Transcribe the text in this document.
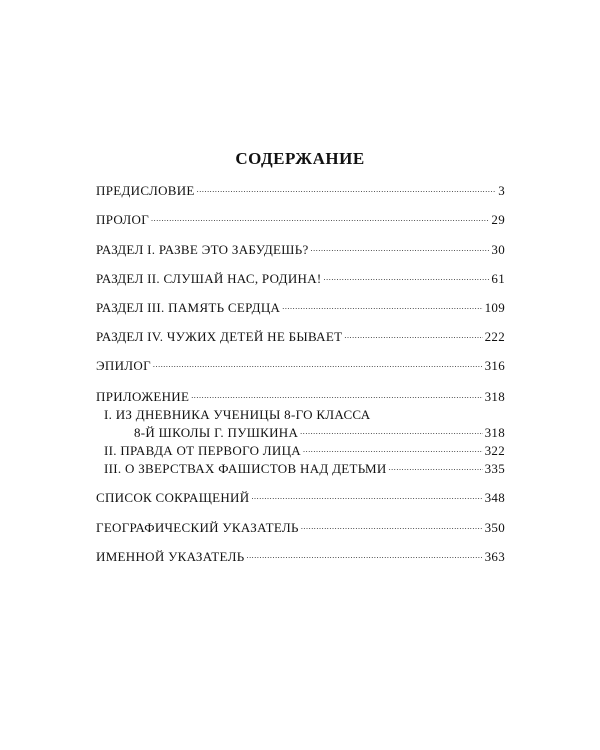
СОДЕРЖАНИЕ
ПРЕДИСЛОВИЕ .....	3
ПРОЛОГ .....	29
РАЗДЕЛ I. РАЗВЕ ЭТО ЗАБУДЕШЬ? .....	30
РАЗДЕЛ II. СЛУШАЙ НАС, РОДИНА! .....	61
РАЗДЕЛ III. ПАМЯТЬ СЕРДЦА .....	109
РАЗДЕЛ IV. ЧУЖИХ ДЕТЕЙ НЕ БЫВАЕТ .....	222
ЭПИЛОГ .....	316
ПРИЛОЖЕНИЕ .....	318
I. ИЗ ДНЕВНИКА УЧЕНИЦЫ 8-ГО КЛАССА
8-Й ШКОЛЫ Г. ПУШКИНА .....	318
II. ПРАВДА ОТ ПЕРВОГО ЛИЦА .....	322
III. О ЗВЕРСТВАХ ФАШИСТОВ НАД ДЕТЬМИ .....	335
СПИСОК СОКРАЩЕНИЙ .....	348
ГЕОГРАФИЧЕСКИЙ УКАЗАТЕЛЬ .....	350
ИМЕННОЙ УКАЗАТЕЛЬ .....	363
